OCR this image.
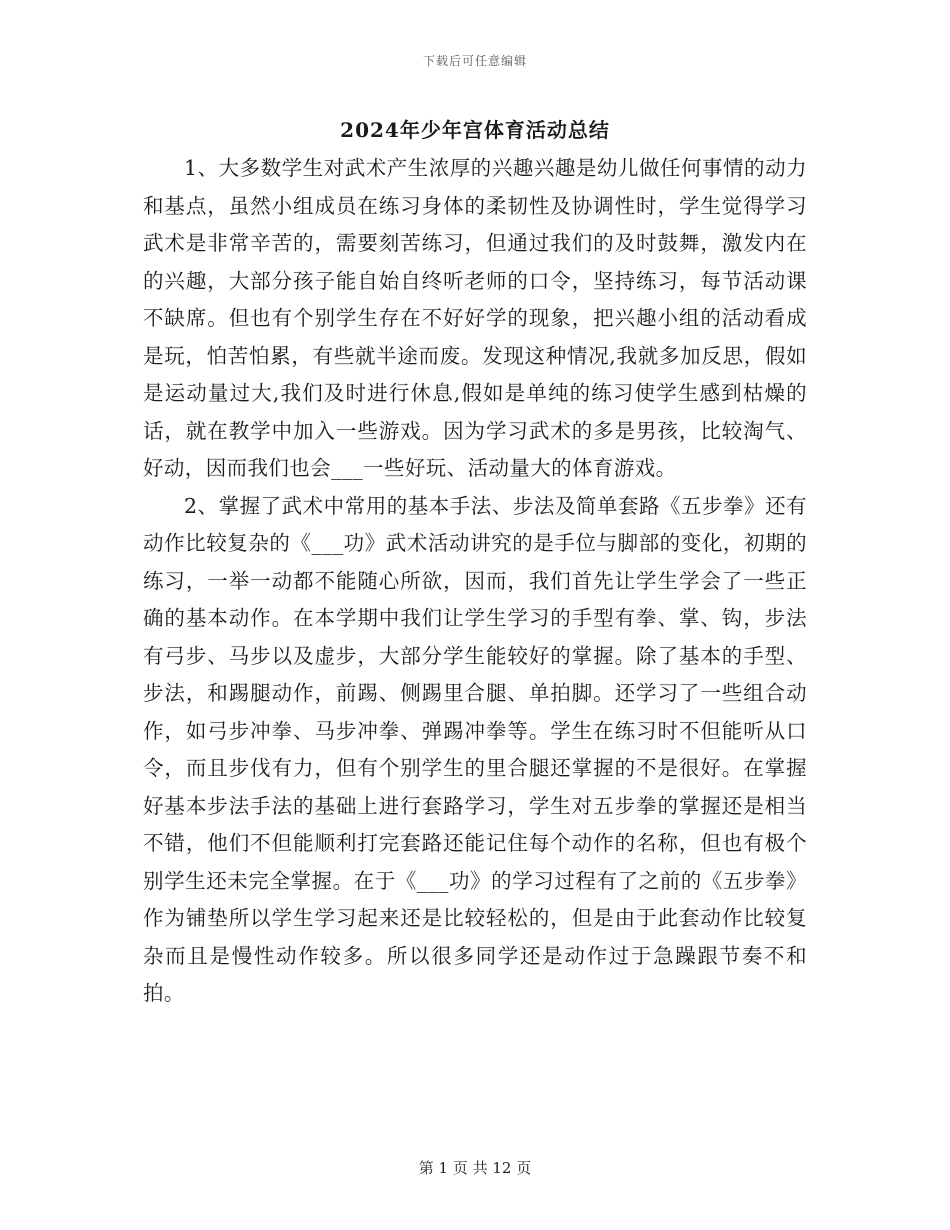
下载后可任意编辑
2024年少年宫体育活动总结

1、大多数学生对武术产生浓厚的兴趣兴趣是幼儿做任何事情的动力和基点，虽然小组成员在练习身体的柔韧性及协调性时，学生觉得学习武术是非常辛苦的，需要刻苦练习，但通过我们的及时鼓舞，激发内在的兴趣，大部分孩子能自始自终听老师的口令，坚持练习，每节活动课不缺席。但也有个别学生存在不好好学的现象，把兴趣小组的活动看成是玩，怕苦怕累，有些就半途而废。发现这种情况,我就多加反思，假如是运动量过大,我们及时进行休息,假如是单纯的练习使学生感到枯燥的话，就在教学中加入一些游戏。因为学习武术的多是男孩，比较淘气、好动，因而我们也会___一些好玩、活动量大的体育游戏。

2、掌握了武术中常用的基本手法、步法及简单套路《五步拳》还有动作比较复杂的《___功》武术活动讲究的是手位与脚部的变化，初期的练习，一举一动都不能随心所欲，因而，我们首先让学生学会了一些正确的基本动作。在本学期中我们让学生学习的手型有拳、掌、钩，步法有弓步、马步以及虚步，大部分学生能较好的掌握。除了基本的手型、步法，和踢腿动作，前踢、侧踢里合腿、单拍脚。还学习了一些组合动作，如弓步冲拳、马步冲拳、弹踢冲拳等。学生在练习时不但能听从口令，而且步伐有力，但有个别学生的里合腿还掌握的不是很好。在掌握好基本步法手法的基础上进行套路学习，学生对五步拳的掌握还是相当不错，他们不但能顺利打完套路还能记住每个动作的名称，但也有极个别学生还未完全掌握。在于《___功》的学习过程有了之前的《五步拳》作为铺垫所以学生学习起来还是比较轻松的，但是由于此套动作比较复杂而且是慢性动作较多。所以很多同学还是动作过于急躁跟节奏不和拍。

第 1 页 共 12 页
